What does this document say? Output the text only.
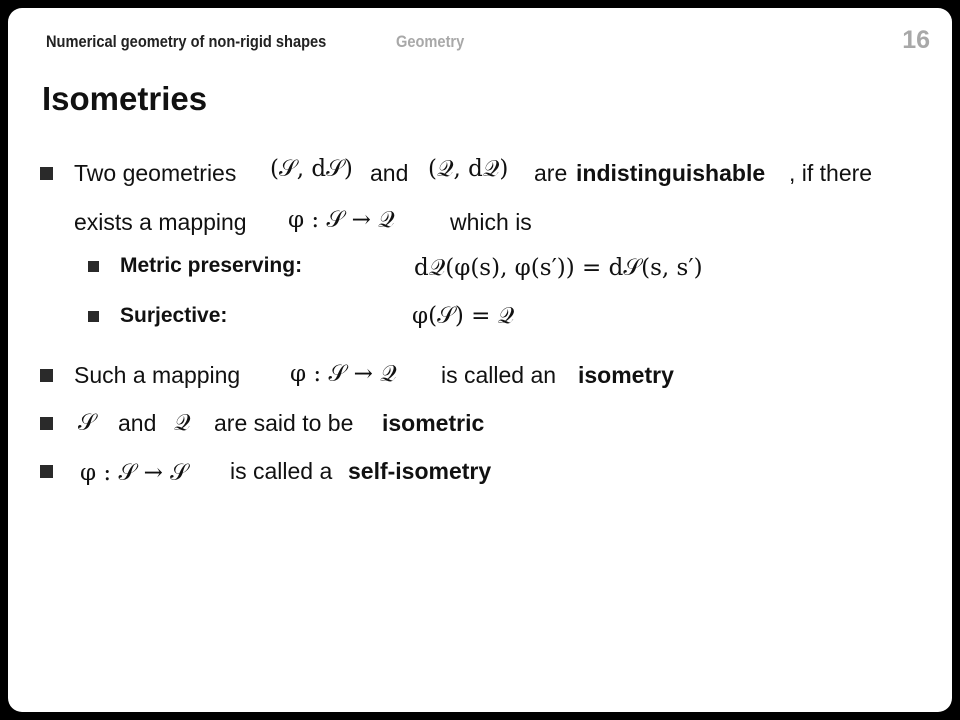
Numerical geometry of non-rigid shapes	Geometry	16
Isometries
Two geometries (𝒮, d𝒮) and (𝒬, d𝒬) are indistinguishable , if there
exists a mapping φ : 𝒮 → 𝒬 which is
Metric preserving:	d𝒬(φ(s), φ(s′)) = d𝒮(s, s′)
Surjective:	φ(𝒮) = 𝒬
Such a mapping φ : 𝒮 → 𝒬 is called an isometry
𝒮 and 𝒬 are said to be isometric
φ : 𝒮 → 𝒮 is called a self-isometry
